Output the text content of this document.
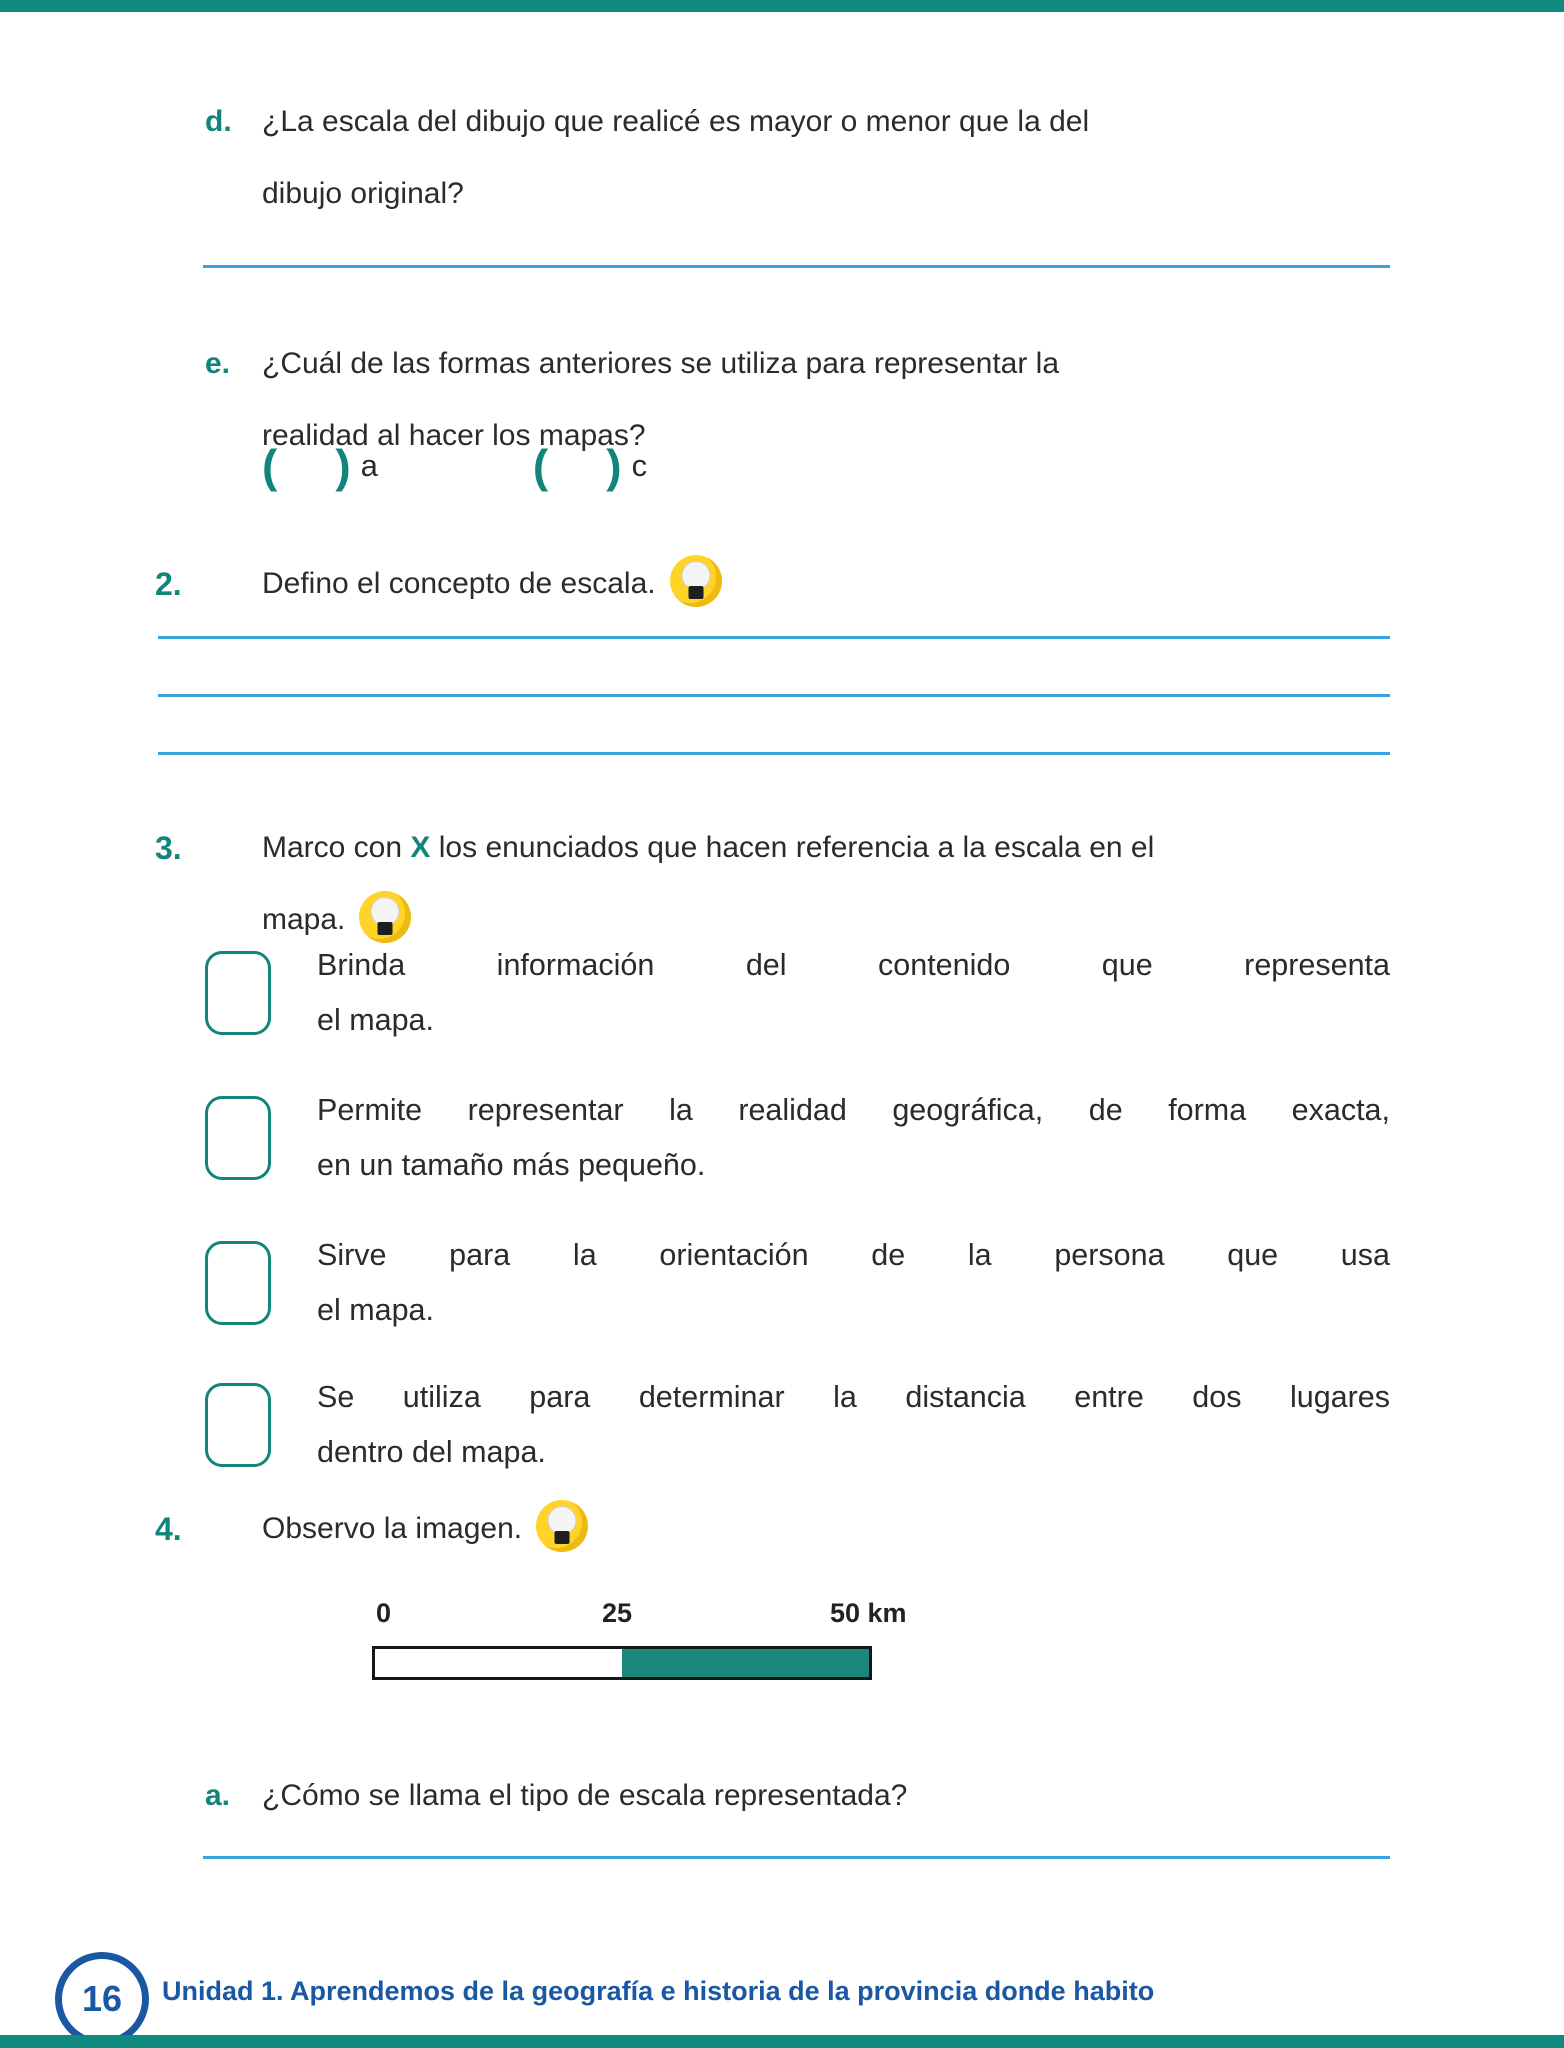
d.	¿La escala del dibujo que realicé es mayor o menor que la del
dibujo original?
e.	¿Cuál de las formas anteriores se utiliza para representar la
realidad al hacer los mapas?
( ) a	( ) c
2.	Defino el concepto de escala.
3.	Marco con X los enunciados que hacen referencia a la escala en el
mapa.
Brinda información del contenido que representa
el mapa.
Permite representar la realidad geográfica, de forma exacta,
en un tamaño más pequeño.
Sirve para la orientación de la persona que usa
el mapa.
Se utiliza para determinar la distancia entre dos lugares
dentro del mapa.
4.	Observo la imagen.
0	25	50 km
a.	¿Cómo se llama el tipo de escala representada?
16 Unidad 1. Aprendemos de la geografía e historia de la provincia donde habito
